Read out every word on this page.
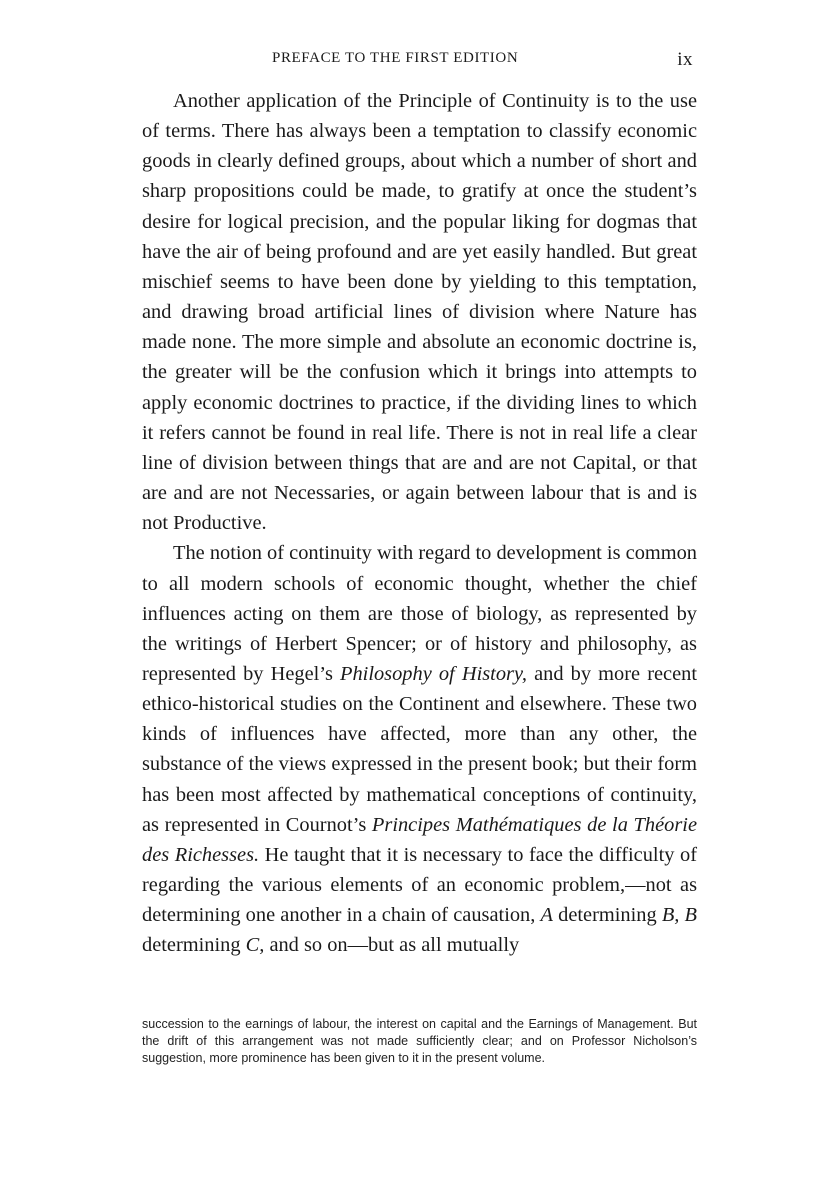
PREFACE TO THE FIRST EDITION	ix

Another application of the Principle of Continuity is to the use of terms. There has always been a temptation to classify economic goods in clearly defined groups, about which a number of short and sharp propositions could be made, to gratify at once the student’s desire for logical precision, and the popular liking for dogmas that have the air of being profound and are yet easily handled. But great mischief seems to have been done by yielding to this temptation, and drawing broad artificial lines of division where Nature has made none. The more simple and absolute an economic doctrine is, the greater will be the confusion which it brings into attempts to apply economic doctrines to practice, if the dividing lines to which it refers cannot be found in real life. There is not in real life a clear line of division between things that are and are not Capital, or that are and are not Necessaries, or again between labour that is and is not Productive.

The notion of continuity with regard to development is common to all modern schools of economic thought, whether the chief influences acting on them are those of biology, as represented by the writings of Herbert Spencer; or of history and philosophy, as represented by Hegel’s Philosophy of History, and by more recent ethico-historical studies on the Continent and elsewhere. These two kinds of influences have affected, more than any other, the substance of the views expressed in the present book; but their form has been most affected by mathematical conceptions of continuity, as represented in Cournot’s Principes Mathématiques de la Théorie des Richesses. He taught that it is necessary to face the difficulty of regarding the various elements of an economic problem,—not as determining one another in a chain of causation, A determining B, B determining C, and so on—but as all mutually

succession to the earnings of labour, the interest on capital and the Earnings of Management. But the drift of this arrangement was not made sufficiently clear; and on Professor Nicholson’s suggestion, more prominence has been given to it in the present volume.
